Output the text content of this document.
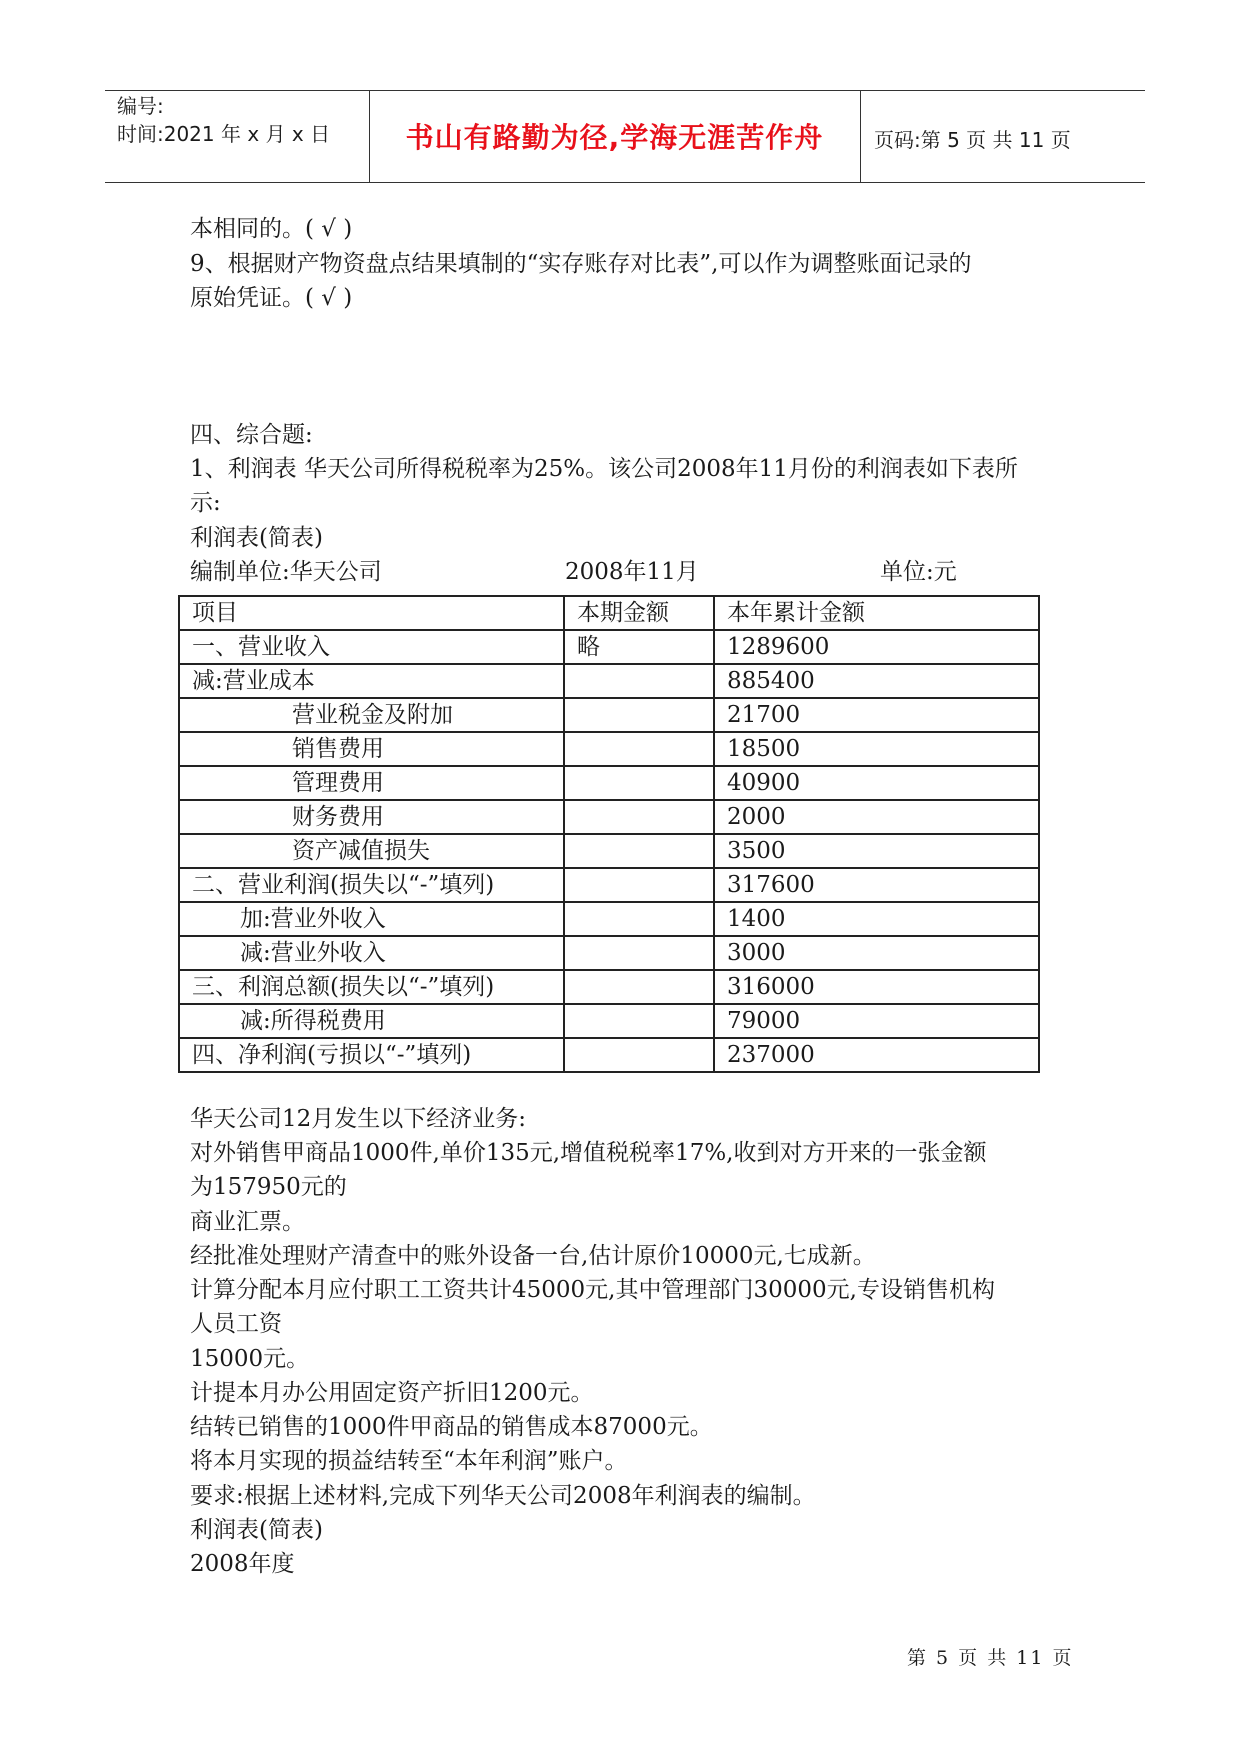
编号:
时间:2021 年 x 月 x 日	书山有路勤为径,学海无涯苦作舟	页码:第 5 页 共 11 页
本相同的。( √ )
9、根据财产物资盘点结果填制的“实存账存对比表”,可以作为调整账面记录的
原始凭证。( √ )
四、综合题:
1、利润表 华天公司所得税税率为25%。该公司2008年11月份的利润表如下表所
示:
利润表(简表)
编制单位:华天公司	2008年11月	单位:元
项目	本期金额	本年累计金额
一、营业收入	略	1289600
减:营业成本		885400
营业税金及附加		21700
销售费用		18500
管理费用		40900
财务费用		2000
资产减值损失		3500
二、营业利润(损失以“-”填列)		317600
加:营业外收入		1400
减:营业外收入		3000
三、利润总额(损失以“-”填列)		316000
减:所得税费用		79000
四、净利润(亏损以“-”填列)		237000
华天公司12月发生以下经济业务:
对外销售甲商品1000件,单价135元,增值税税率17%,收到对方开来的一张金额
为157950元的
商业汇票。
经批准处理财产清查中的账外设备一台,估计原价10000元,七成新。
计算分配本月应付职工工资共计45000元,其中管理部门30000元,专设销售机构
人员工资
15000元。
计提本月办公用固定资产折旧1200元。
结转已销售的1000件甲商品的销售成本87000元。
将本月实现的损益结转至“本年利润”账户。
要求:根据上述材料,完成下列华天公司2008年利润表的编制。
利润表(简表)
2008年度
第 5 页 共 11 页
